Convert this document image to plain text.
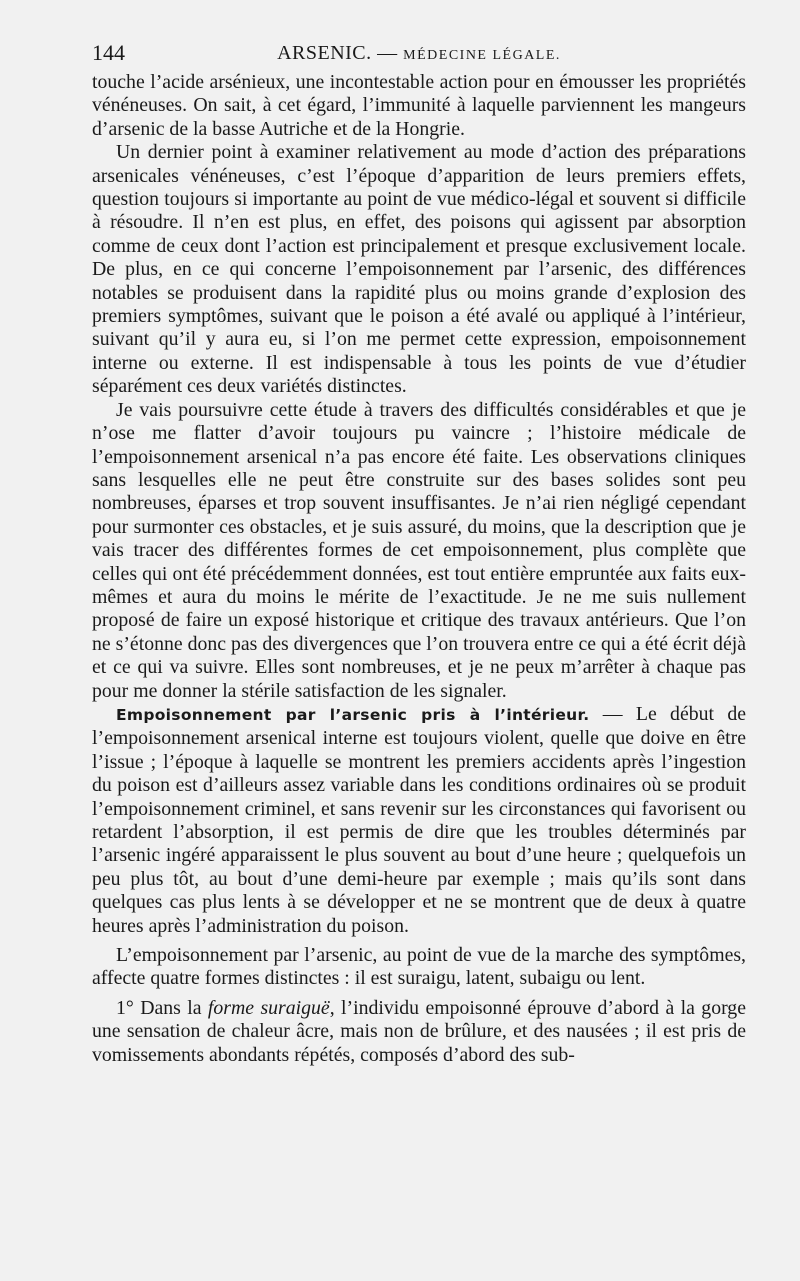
144	ARSENIC. — MÉDECINE LÉGALE.

touche l’acide arsénieux, une incontestable action pour en émousser les propriétés vénéneuses. On sait, à cet égard, l’immunité à laquelle parviennent les mangeurs d’arsenic de la basse Autriche et de la Hongrie.

Un dernier point à examiner relativement au mode d’action des préparations arsenicales vénéneuses, c’est l’époque d’apparition de leurs premiers effets, question toujours si importante au point de vue médico-légal et souvent si difficile à résoudre. Il n’en est plus, en effet, des poisons qui agissent par absorption comme de ceux dont l’action est principalement et presque exclusivement locale. De plus, en ce qui concerne l’empoisonnement par l’arsenic, des différences notables se produisent dans la rapidité plus ou moins grande d’explosion des premiers symptômes, suivant que le poison a été avalé ou appliqué à l’intérieur, suivant qu’il y aura eu, si l’on me permet cette expression, empoisonnement interne ou externe. Il est indispensable à tous les points de vue d’étudier séparément ces deux variétés distinctes.

Je vais poursuivre cette étude à travers des difficultés considérables et que je n’ose me flatter d’avoir toujours pu vaincre ; l’histoire médicale de l’empoisonnement arsenical n’a pas encore été faite. Les observations cliniques sans lesquelles elle ne peut être construite sur des bases solides sont peu nombreuses, éparses et trop souvent insuffisantes. Je n’ai rien négligé cependant pour surmonter ces obstacles, et je suis assuré, du moins, que la description que je vais tracer des différentes formes de cet empoisonnement, plus complète que celles qui ont été précédemment données, est tout entière empruntée aux faits eux-mêmes et aura du moins le mérite de l’exactitude. Je ne me suis nullement proposé de faire un exposé historique et critique des travaux antérieurs. Que l’on ne s’étonne donc pas des divergences que l’on trouvera entre ce qui a été écrit déjà et ce qui va suivre. Elles sont nombreuses, et je ne peux m’arrêter à chaque pas pour me donner la stérile satisfaction de les signaler.

Empoisonnement par l’arsenic pris à l’intérieur. — Le début de l’empoisonnement arsenical interne est toujours violent, quelle que doive en être l’issue ; l’époque à laquelle se montrent les premiers accidents après l’ingestion du poison est d’ailleurs assez variable dans les conditions ordinaires où se produit l’empoisonnement criminel, et sans revenir sur les circonstances qui favorisent ou retardent l’absorption, il est permis de dire que les troubles déterminés par l’arsenic ingéré apparaissent le plus souvent au bout d’une heure ; quelquefois un peu plus tôt, au bout d’une demi-heure par exemple ; mais qu’ils sont dans quelques cas plus lents à se développer et ne se montrent que de deux à quatre heures après l’administration du poison.

L’empoisonnement par l’arsenic, au point de vue de la marche des symptômes, affecte quatre formes distinctes : il est suraigu, latent, subaigu ou lent.

1° Dans la forme suraiguë, l’individu empoisonné éprouve d’abord à la gorge une sensation de chaleur âcre, mais non de brûlure, et des nausées ; il est pris de vomissements abondants répétés, composés d’abord des sub-
